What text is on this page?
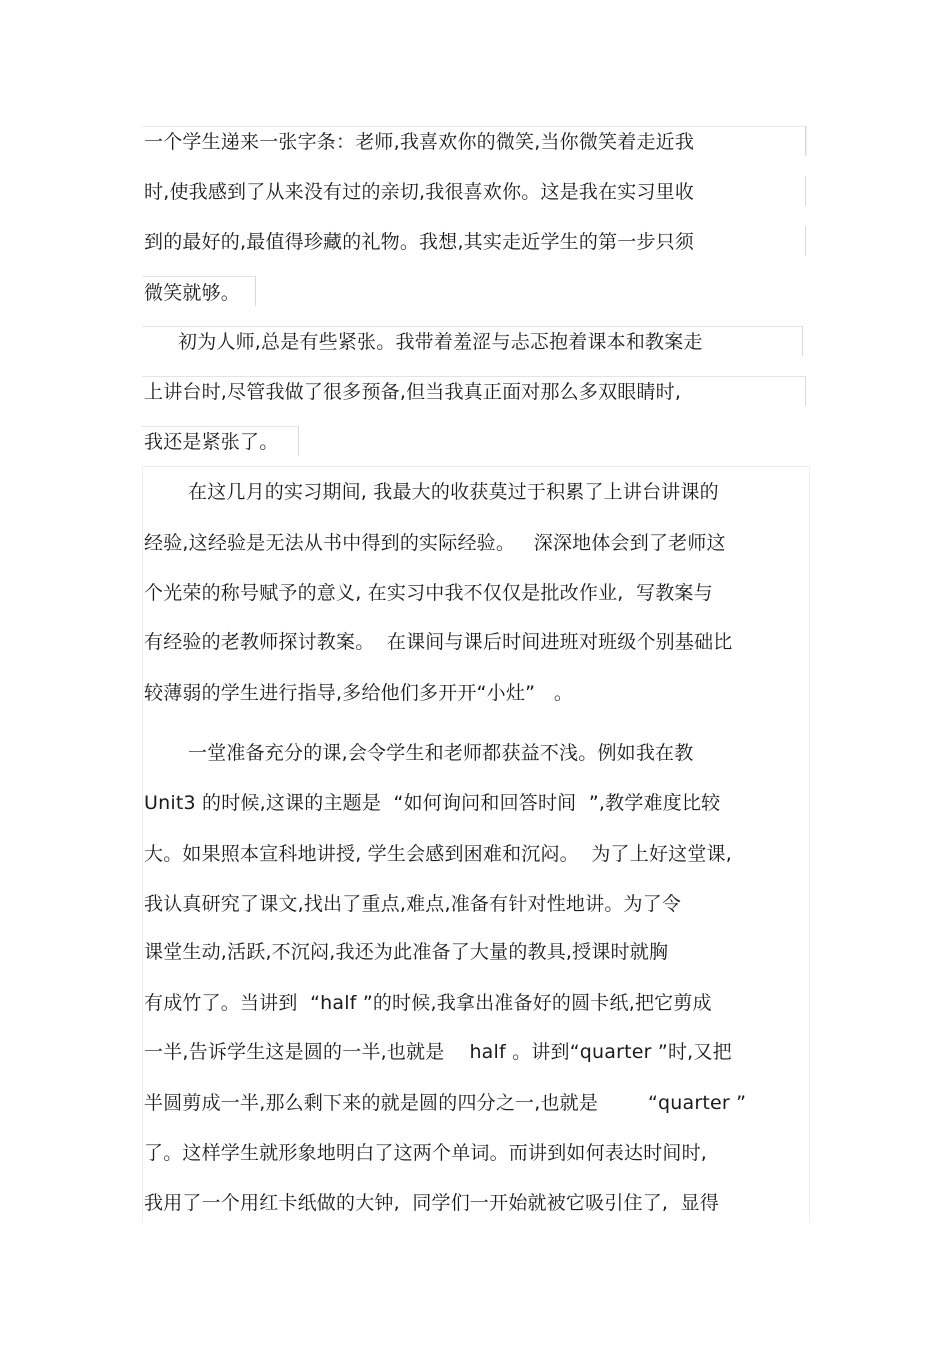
一个学生递来一张字条：老师,我喜欢你的微笑,当你微笑着走近我
时,使我感到了从来没有过的亲切,我很喜欢你。这是我在实习里收
到的最好的,最值得珍藏的礼物。我想,其实走近学生的第一步只须
微笑就够。
初为人师,总是有些紧张。我带着羞涩与忐忑抱着课本和教案走
上讲台时,尽管我做了很多预备,但当我真正面对那么多双眼睛时,
我还是紧张了。
在这几月的实习期间, 我最大的收获莫过于积累了上讲台讲课的
经验,这经验是无法从书中得到的实际经验。   深深地体会到了老师这
个光荣的称号赋予的意义, 在实习中我不仅仅是批改作业,  写教案与
有经验的老教师探讨教案。  在课间与课后时间进班对班级个别基础比
较薄弱的学生进行指导,多给他们多开开“小灶”   。
一堂准备充分的课,会令学生和老师都获益不浅。例如我在教
Unit3 的时候,这课的主题是  “如何询问和回答时间  ”,教学难度比较
大。如果照本宣科地讲授, 学生会感到困难和沉闷。  为了上好这堂课,
我认真研究了课文,找出了重点,难点,准备有针对性地讲。为了令
课堂生动,活跃,不沉闷,我还为此准备了大量的教具,授课时就胸
有成竹了。当讲到  “half ”的时候,我拿出准备好的圆卡纸,把它剪成
一半,告诉学生这是圆的一半,也就是    half 。讲到“quarter ”时,又把
半圆剪成一半,那么剩下来的就是圆的四分之一,也就是        “quarter ”
了。这样学生就形象地明白了这两个单词。而讲到如何表达时间时,
我用了一个用红卡纸做的大钟,  同学们一开始就被它吸引住了,  显得
